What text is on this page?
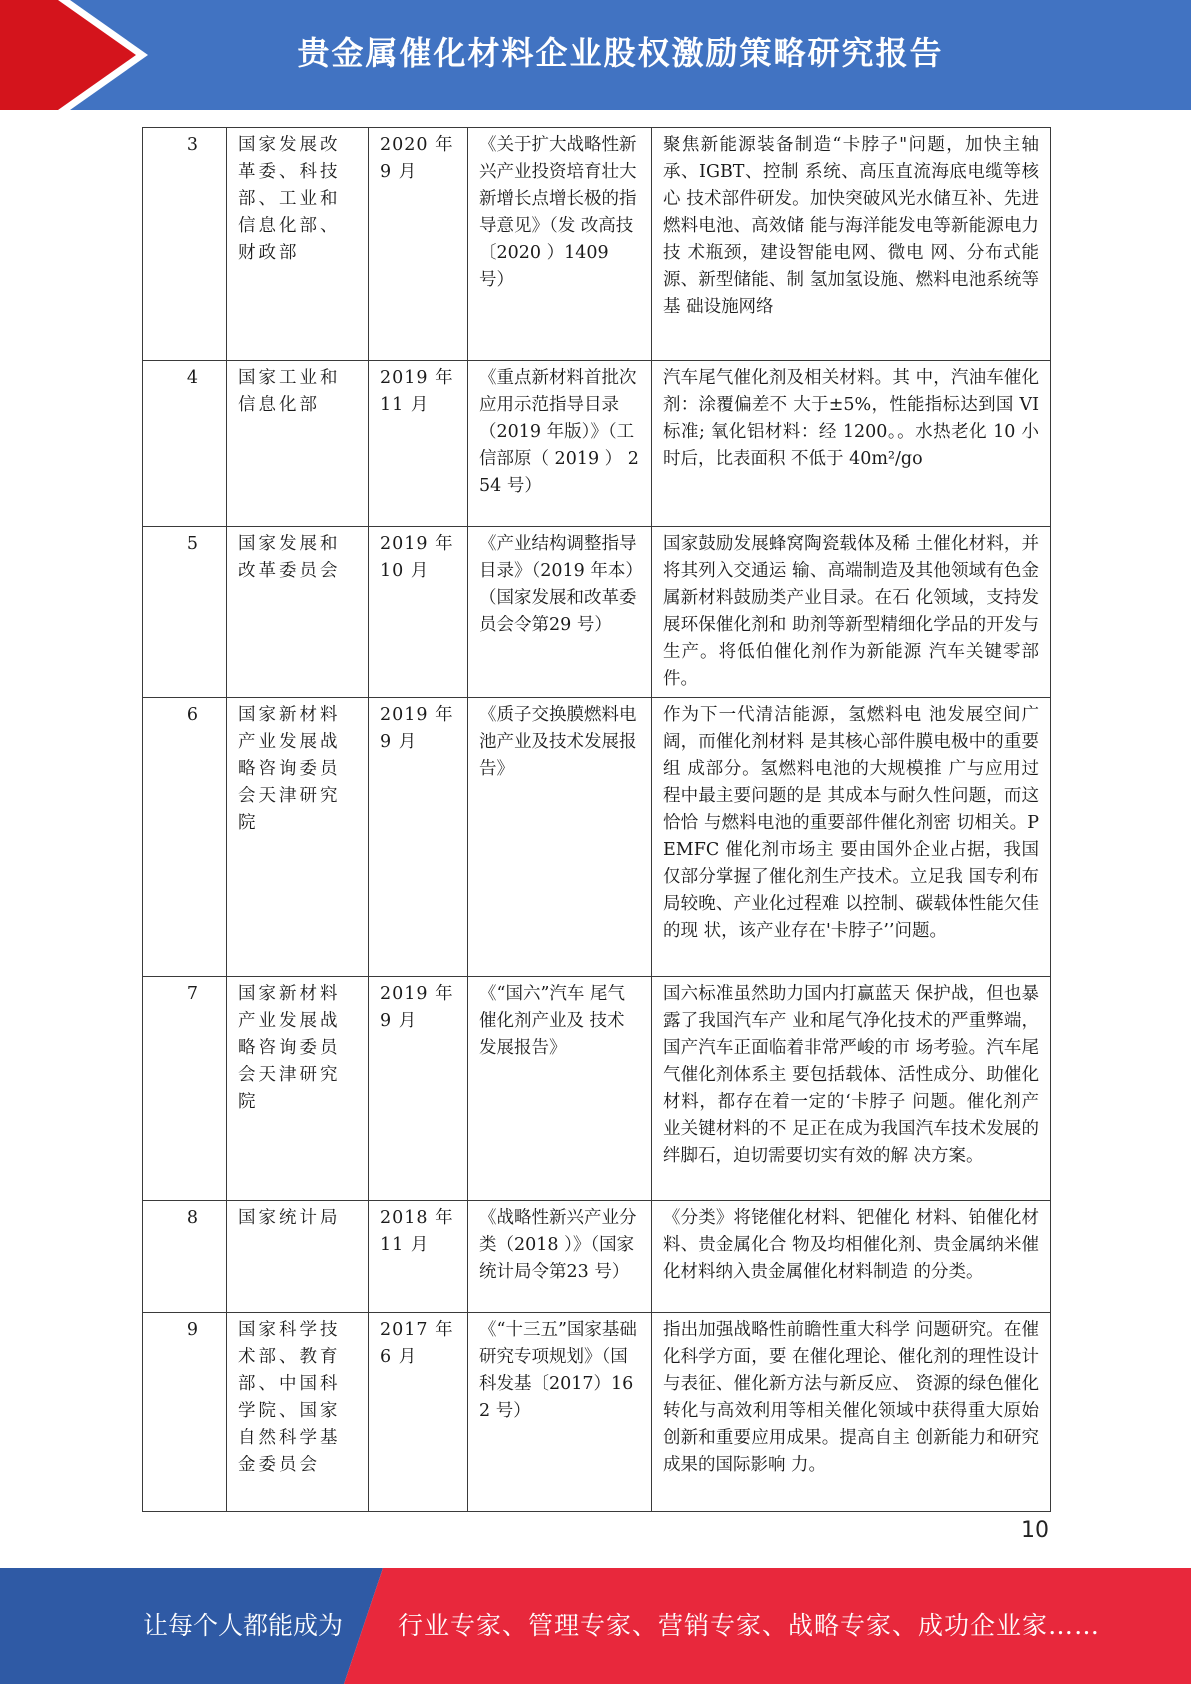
贵金属催化材料企业股权激励策略研究报告
3	国家发展改革委、科技部、工业和信息化部、财政部	2020 年 9 月	《关于扩大战略性新兴产业投资培育壮大新增长点增长极的指导意见》（发 改高技〔2020 ）1409 号）	聚焦新能源装备制造“卡脖子"问题，加快主轴承、IGBT、控制 系统、高压直流海底电缆等核心 技术部件研发。加快突破风光水储互补、先进燃料电池、高效储 能与海洋能发电等新能源电力技 术瓶颈，建设智能电网、微电 网、分布式能源、新型储能、制 氢加氢设施、燃料电池系统等基 础设施网络

4	国家工业和信息化部	2019 年 11 月	《重点新材料首批次应用示范指导目录（2019 年版）》（工信部原（ 2019 ） 254 号）	汽车尾气催化剂及相关材料。其 中，汽油车催化剂：涂覆偏差不 大于±5%，性能指标达到国 VI 标准; 氧化铝材料：经 1200。。水热老化 10 小时后，比表面积 不低于 40m²/go
5	国家发展和改革委员会	2019 年 10 月	《产业结构调整指导目录》（2019 年本）（国家发展和改革委员会令第29 号）	国家鼓励发展蜂窝陶瓷载体及稀 土催化材料，并将其列入交通运 输、高端制造及其他领域有色金 属新材料鼓励类产业目录。在石 化领域，支持发展环保催化剂和 助剂等新型精细化学品的开发与 生产。将低伯催化剂作为新能源 汽车关键零部件。
6	国家新材料产业发展战略咨询委员会天津研究院	2019 年 9 月	《质子交换膜燃料电池产业及技术发展报告》	作为下一代清洁能源，氢燃料电 池发展空间广阔，而催化剂材料 是其核心部件膜电极中的重要组 成部分。氢燃料电池的大规模推 广与应用过程中最主要问题的是 其成本与耐久性问题，而这恰恰 与燃料电池的重要部件催化剂密 切相关。PEMFC 催化剂市场主 要由国外企业占据，我国仅部分掌握了催化剂生产技术。立足我 国专利布局较晚、产业化过程难 以控制、碳载体性能欠佳的现 状，该产业存在'卡脖子’’问题。
7	国家新材料产业发展战略咨询委员会天津研究院	2019 年 9 月	《“国六”汽车 尾气催化剂产业及 技术发展报告》	国六标准虽然助力国内打赢蓝天 保护战，但也暴露了我国汽车产 业和尾气净化技术的严重弊端， 国产汽车正面临着非常严峻的市 场考验。汽车尾气催化剂体系主 要包括载体、活性成分、助催化 材料，都存在着一定的‘卡脖子 问题。催化剂产业关键材料的不 足正在成为我国汽车技术发展的绊脚石，迫切需要切实有效的解 决方案。
8	国家统计局	2018 年 11 月	《战略性新兴产业分类（2018 ）》（国家统计局令第23 号）	《分类》将铑催化材料、钯催化 材料、铂催化材料、贵金属化合 物及均相催化剂、贵金属纳米催化材料纳入贵金属催化材料制造 的分类。
9	国家科学技术部、教育部、中国科学院、国家自然科学基金委员会	2017 年 6 月	《“十三五”国家基础研究专项规划》（国科发基〔2017）162 号）	指出加强战略性前瞻性重大科学 问题研究。在催化科学方面，要 在催化理论、催化剂的理性设计 与表征、催化新方法与新反应、 资源的绿色催化转化与高效利用等相关催化领域中获得重大原始 创新和重要应用成果。提高自主 创新能力和研究成果的国际影响 力。
10
让每个人都能成为 行业专家、管理专家、营销专家、战略专家、成功企业家……
